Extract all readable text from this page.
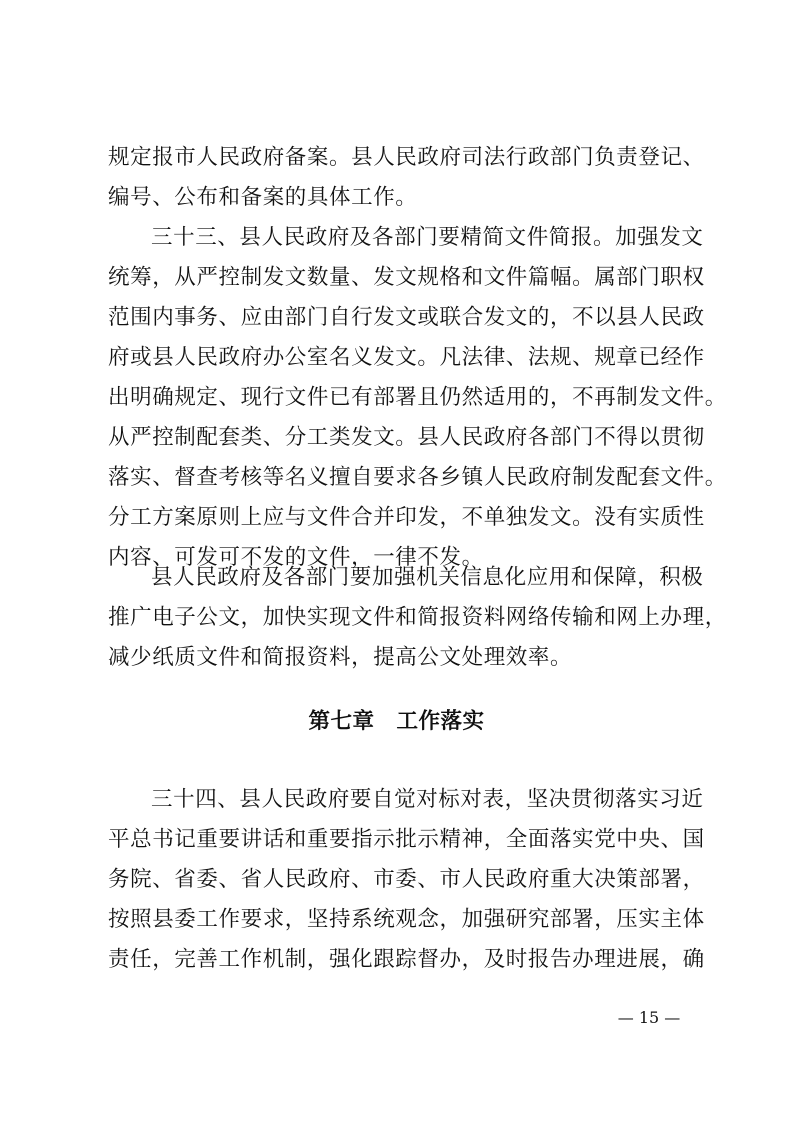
规定报市人民政府备案。县人民政府司法行政部门负责登记、
编号、公布和备案的具体工作。
三十三、县人民政府及各部门要精简文件简报。加强发文
统筹，从严控制发文数量、发文规格和文件篇幅。属部门职权
范围内事务、应由部门自行发文或联合发文的，不以县人民政
府或县人民政府办公室名义发文。凡法律、法规、规章已经作
出明确规定、现行文件已有部署且仍然适用的，不再制发文件。
从严控制配套类、分工类发文。县人民政府各部门不得以贯彻
落实、督查考核等名义擅自要求各乡镇人民政府制发配套文件。
分工方案原则上应与文件合并印发，不单独发文。没有实质性
内容、可发可不发的文件，一律不发。
县人民政府及各部门要加强机关信息化应用和保障，积极
推广电子公文，加快实现文件和简报资料网络传输和网上办理，
减少纸质文件和简报资料，提高公文处理效率。
第七章　工作落实
三十四、县人民政府要自觉对标对表，坚决贯彻落实习近
平总书记重要讲话和重要指示批示精神，全面落实党中央、国
务院、省委、省人民政府、市委、市人民政府重大决策部署，
按照县委工作要求，坚持系统观念，加强研究部署，压实主体
责任，完善工作机制，强化跟踪督办，及时报告办理进展，确
— 15 —
